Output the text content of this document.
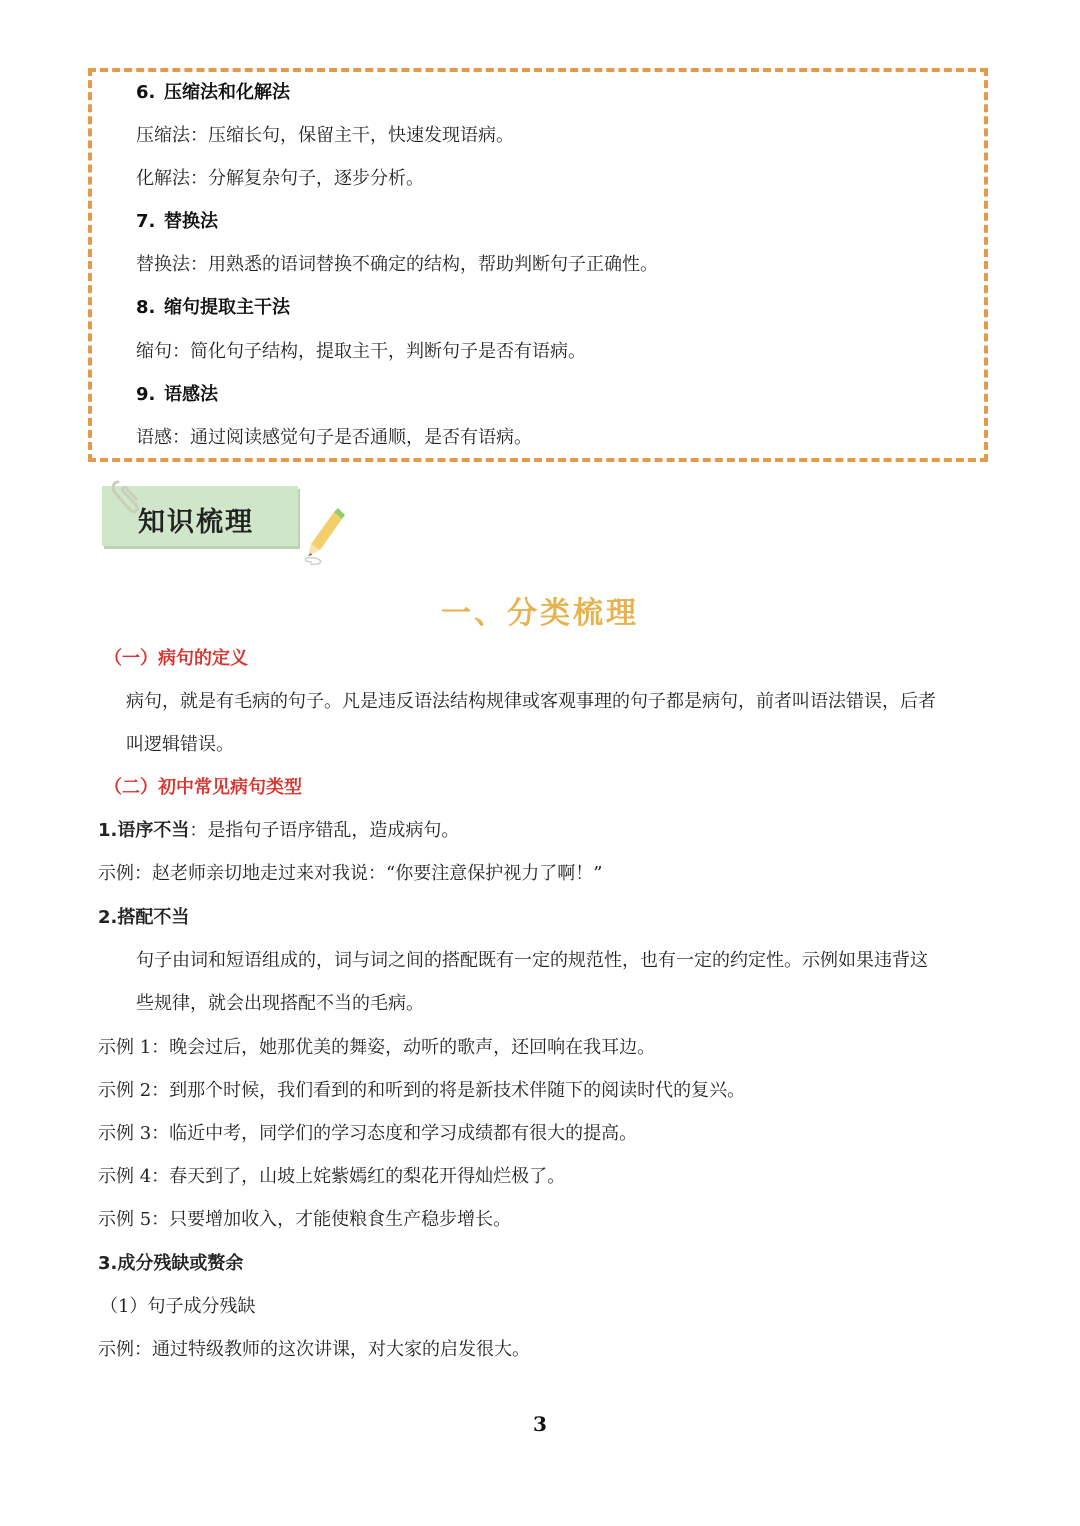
6. 压缩法和化解法
压缩法：压缩长句，保留主干，快速发现语病。
化解法：分解复杂句子，逐步分析。
7. 替换法
替换法：用熟悉的语词替换不确定的结构，帮助判断句子正确性。
8. 缩句提取主干法
缩句：简化句子结构，提取主干，判断句子是否有语病。
9. 语感法
语感：通过阅读感觉句子是否通顺，是否有语病。
知识梳理
一、分类梳理
（一）病句的定义
病句，就是有毛病的句子。凡是违反语法结构规律或客观事理的句子都是病句，前者叫语法错误，后者
叫逻辑错误。
（二）初中常见病句类型
1.语序不当：是指句子语序错乱，造成病句。
示例：赵老师亲切地走过来对我说：“你要注意保护视力了啊！”
2.搭配不当
句子由词和短语组成的，词与词之间的搭配既有一定的规范性，也有一定的约定性。示例如果违背这
些规律，就会出现搭配不当的毛病。
示例 1：晚会过后，她那优美的舞姿，动听的歌声，还回响在我耳边。
示例 2：到那个时候，我们看到的和听到的将是新技术伴随下的阅读时代的复兴。
示例 3：临近中考，同学们的学习态度和学习成绩都有很大的提高。
示例 4：春天到了，山坡上姹紫嫣红的梨花开得灿烂极了。
示例 5：只要增加收入，才能使粮食生产稳步增长。
3.成分残缺或赘余
（1）句子成分残缺
示例：通过特级教师的这次讲课，对大家的启发很大。
3
